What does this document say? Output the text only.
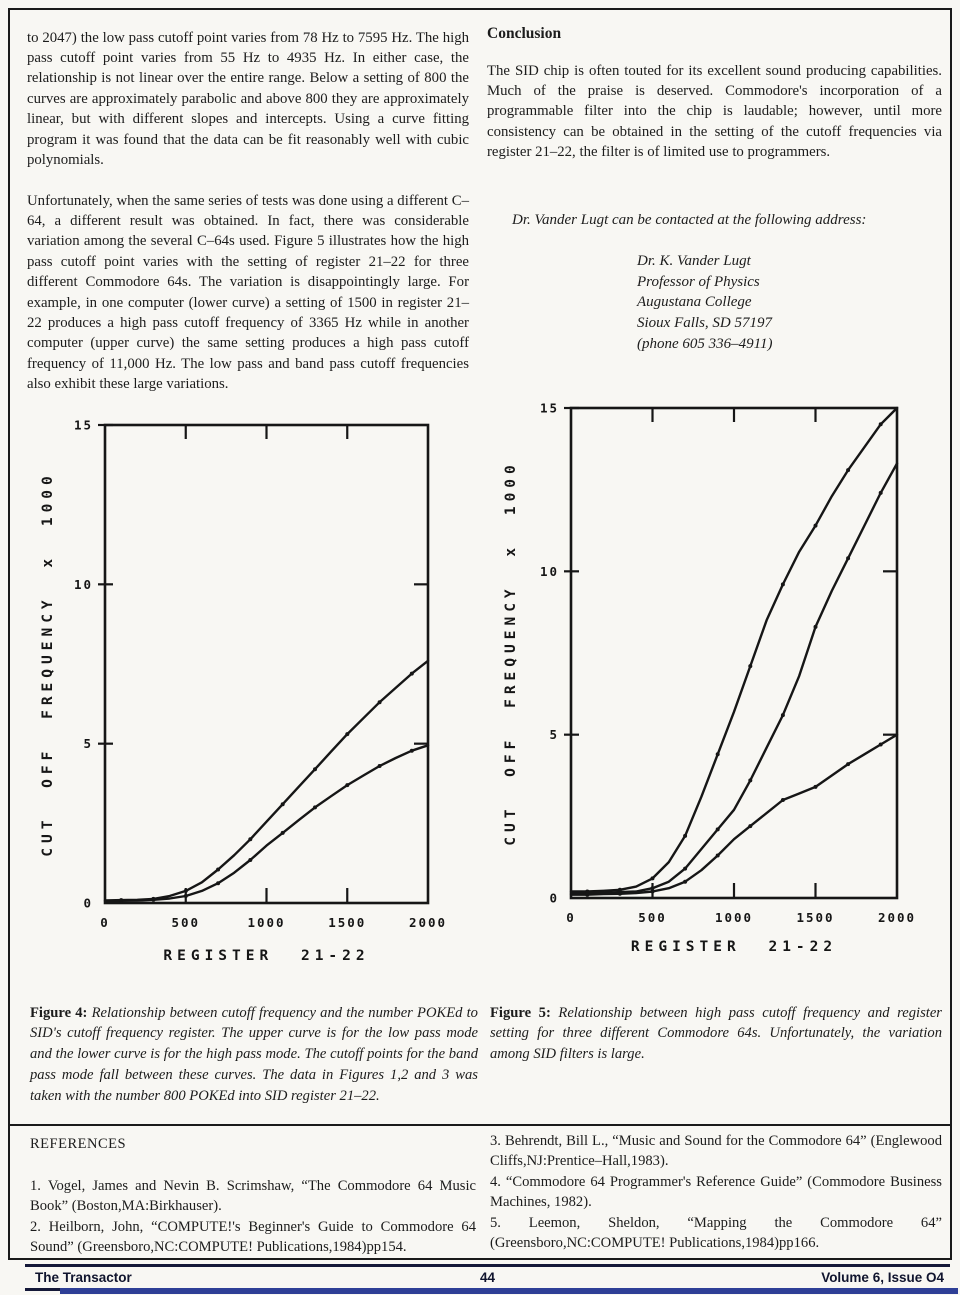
to 2047) the low pass cutoff point varies from 78 Hz to 7595 Hz. The high pass cutoff point varies from 55 Hz to 4935 Hz. In either case, the relationship is not linear over the entire range. Below a setting of 800 the curves are approximately parabolic and above 800 they are approximately linear, but with different slopes and intercepts. Using a curve fitting program it was found that the data can be fit reasonably well with cubic polynomials.

Unfortunately, when the same series of tests was done using a different C–64, a different result was obtained. In fact, there was considerable variation among the several C–64s used. Figure 5 illustrates how the high pass cutoff point varies with the setting of register 21–22 for three different Commodore 64s. The variation is disappointingly large. For example, in one computer (lower curve) a setting of 1500 in register 21–22 produces a high pass cutoff frequency of 3365 Hz while in another computer (upper curve) the same setting produces a high pass cutoff frequency of 11,000 Hz. The low pass and band pass cutoff frequencies also exhibit these large variations.

Conclusion

The SID chip is often touted for its excellent sound producing capabilities. Much of the praise is deserved. Commodore's incorporation of a programmable filter into the chip is laudable; however, until more consistency can be obtained in the setting of the cutoff frequencies via register 21–22, the filter is of limited use to programmers.

Dr. Vander Lugt can be contacted at the following address:
Dr. K. Vander Lugt
Professor of Physics
Augustana College
Sioux Falls, SD 57197
(phone 605 336–4911)
0	500	1000	1500	2000
0
5
10
15
REGISTER 21-22
CUT OFF FREQUENCY x 1000
0	500	1000	1500	2000
0
5
10
15
REGISTER 21-22
CUT OFF FREQUENCY x 1000

Figure 4: Relationship between cutoff frequency and the number POKEd to SID's cutoff frequency register. The upper curve is for the low pass mode and the lower curve is for the high pass mode. The cutoff points for the band pass mode fall between these curves. The data in Figures 1,2 and 3 was taken with the number 800 POKEd into SID register 21–22.

Figure 5: Relationship between high pass cutoff frequency and register setting for three different Commodore 64s. Unfortunately, the variation among SID filters is large.

REFERENCES
1. Vogel, James and Nevin B. Scrimshaw, “The Commodore 64 Music Book” (Boston,MA:Birkhauser).
2. Heilborn, John, “COMPUTE!'s Beginner's Guide to Commodore 64 Sound” (Greensboro,NC:COMPUTE! Publications,1984)pp154.
3. Behrendt, Bill L., “Music and Sound for the Commodore 64” (Englewood Cliffs,NJ:Prentice–Hall,1983).
4. “Commodore 64 Programmer's Reference Guide” (Commodore Business Machines, 1982).
5. Leemon, Sheldon, “Mapping the Commodore 64” (Greensboro,NC:COMPUTE! Publications,1984)pp166.
The Transactor	44	Volume 6, Issue O4
